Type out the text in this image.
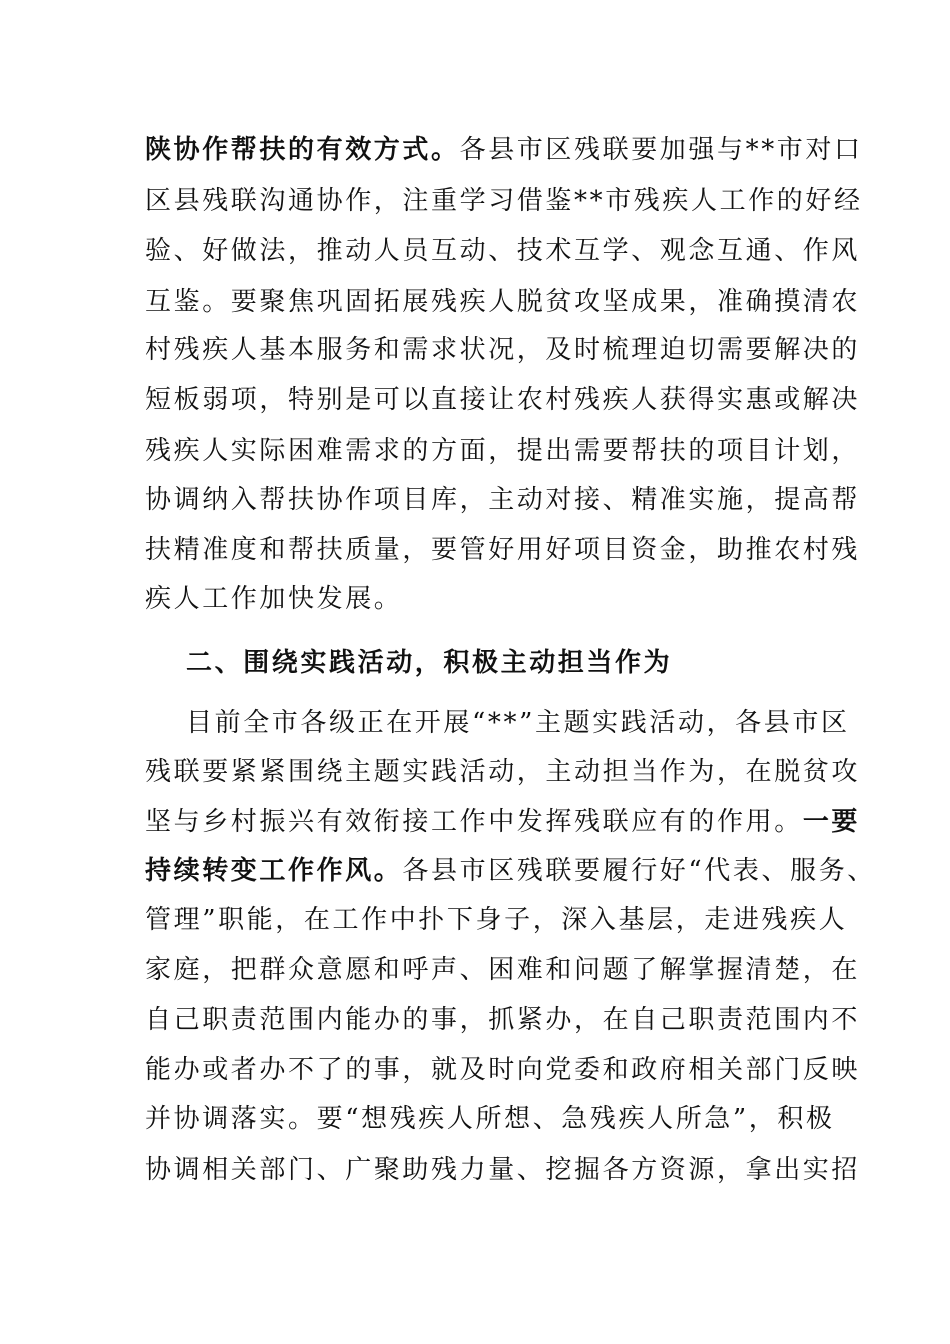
陕协作帮扶的有效方式。各县市区残联要加强与**市对口
区县残联沟通协作，注重学习借鉴**市残疾人工作的好经
验、好做法，推动人员互动、技术互学、观念互通、作风
互鉴。要聚焦巩固拓展残疾人脱贫攻坚成果，准确摸清农
村残疾人基本服务和需求状况，及时梳理迫切需要解决的
短板弱项，特别是可以直接让农村残疾人获得实惠或解决
残疾人实际困难需求的方面，提出需要帮扶的项目计划，
协调纳入帮扶协作项目库，主动对接、精准实施，提高帮
扶精准度和帮扶质量，要管好用好项目资金，助推农村残
疾人工作加快发展。
二、围绕实践活动，积极主动担当作为
目前全市各级正在开展“**”主题实践活动，各县市区
残联要紧紧围绕主题实践活动，主动担当作为，在脱贫攻
坚与乡村振兴有效衔接工作中发挥残联应有的作用。一要
持续转变工作作风。各县市区残联要履行好“代表、服务、
管理”职能，在工作中扑下身子，深入基层，走进残疾人
家庭，把群众意愿和呼声、困难和问题了解掌握清楚，在
自己职责范围内能办的事，抓紧办，在自己职责范围内不
能办或者办不了的事，就及时向党委和政府相关部门反映
并协调落实。要“想残疾人所想、急残疾人所急”，积极
协调相关部门、广聚助残力量、挖掘各方资源，拿出实招
